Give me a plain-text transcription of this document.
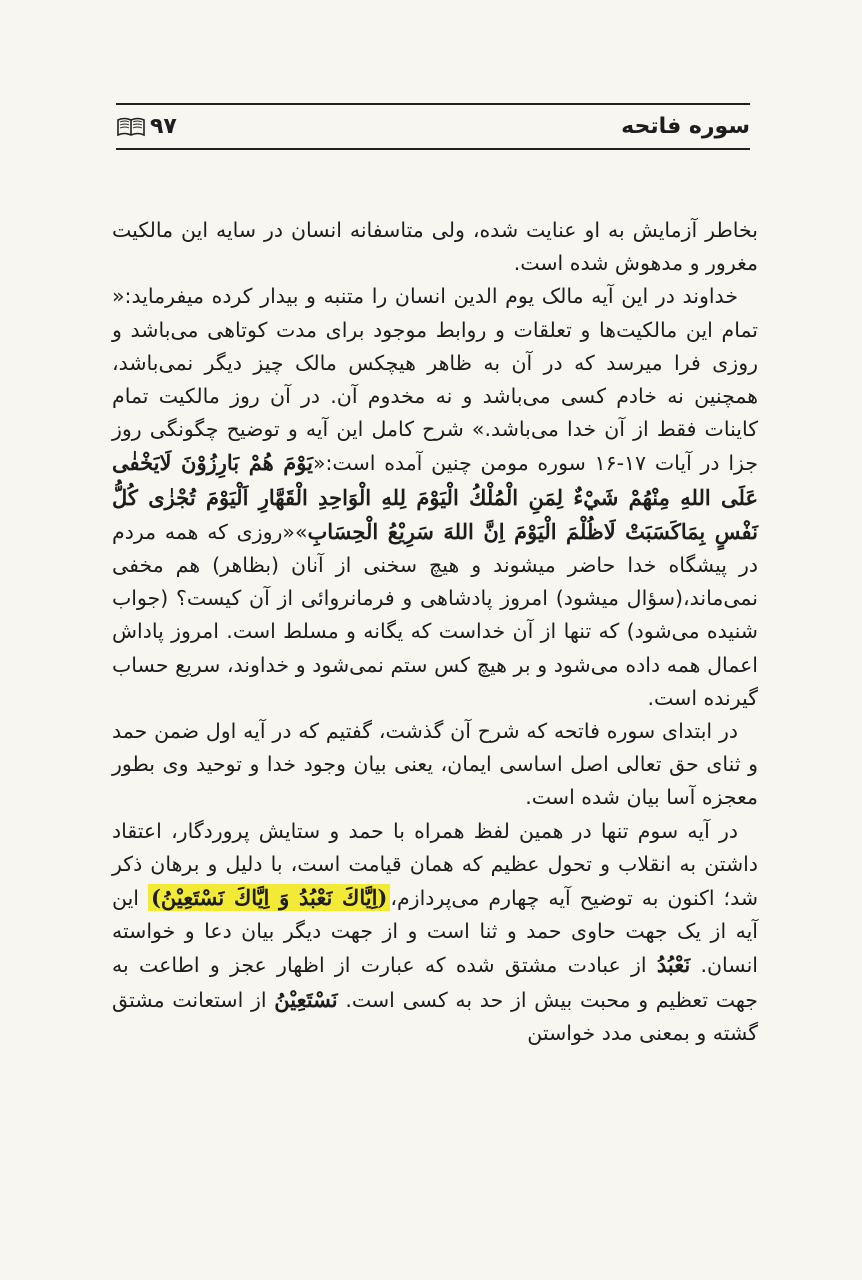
سوره فاتحه
۹۷

بخاطر آزمایش به او عنایت شده، ولی متاسفانه انسان در سایه این مالکیت مغرور و مدهوش شده است.

خداوند در این آیه مالک یوم الدین انسان را متنبه و بیدار کرده میفرماید:« تمام این مالکیت‌ها و تعلقات و روابط موجود برای مدت کوتاهی می‌باشد و روزی فرا میرسد که در آن به ظاهر هیچکس مالک چیز دیگر نمی‌باشد، همچنین نه خادم کسی می‌باشد و نه مخدوم آن. در آن روز مالکیت تمام کاینات فقط از آن خدا می‌باشد.» شرح کامل این آیه و توضیح چگونگی روز جزا در آیات ۱۷-۱۶ سوره مومن چنین آمده است:«يَوْمَ هُمْ بَارِزُوْنَ لَايَخْفٰى عَلَى اللهِ مِنْهُمْ شَيْءٌ لِمَنِ الْمُلْكُ الْيَوْمَ لِلهِ الْوَاحِدِ الْقَهَّارِ اَلْيَوْمَ تُجْزٰى كُلُّ نَفْسٍ بِمَاكَسَبَتْ لَاظُلْمَ الْيَوْمَ اِنَّ اللهَ سَرِيْعُ الْحِسَابِ»«روزی که همه مردم در پیشگاه خدا حاضر میشوند و هیچ سخنی از آنان (بظاهر) هم مخفی نمی‌ماند،(سؤال میشود) امروز پادشاهی و فرمانروائی از آن کیست؟ (جواب شنیده می‌شود) که تنها از آن خداست که یگانه و مسلط است. امروز پاداش اعمال همه داده می‌شود و بر هیچ کس ستم نمی‌شود و خداوند، سریع حساب گیرنده است.

در ابتدای سوره فاتحه که شرح آن گذشت، گفتیم که در آیه اول ضمن حمد و ثنای حق تعالی اصل اساسی ایمان، یعنی بیان وجود خدا و توحید وی بطور معجزه آسا بیان شده است.

در آیه سوم تنها در همین لفظ همراه با حمد و ستایش پروردگار، اعتقاد داشتن به انقلاب و تحول عظیم که همان قیامت است، با دلیل و برهان ذکر شد؛ اکنون به توضیح آیه چهارم می‌پردازم،(اِيَّاكَ نَعْبُدُ وَ اِيَّاكَ نَسْتَعِيْنُ) این آیه از یک جهت حاوی حمد و ثنا است و از جهت دیگر بیان دعا و خواسته انسان. نَعْبُدُ از عبادت مشتق شده که عبارت از اظهار عجز و اطاعت به جهت تعظیم و محبت بیش از حد به کسی است. نَسْتَعِيْنُ از استعانت مشتق گشته و بمعنی مدد خواستن
